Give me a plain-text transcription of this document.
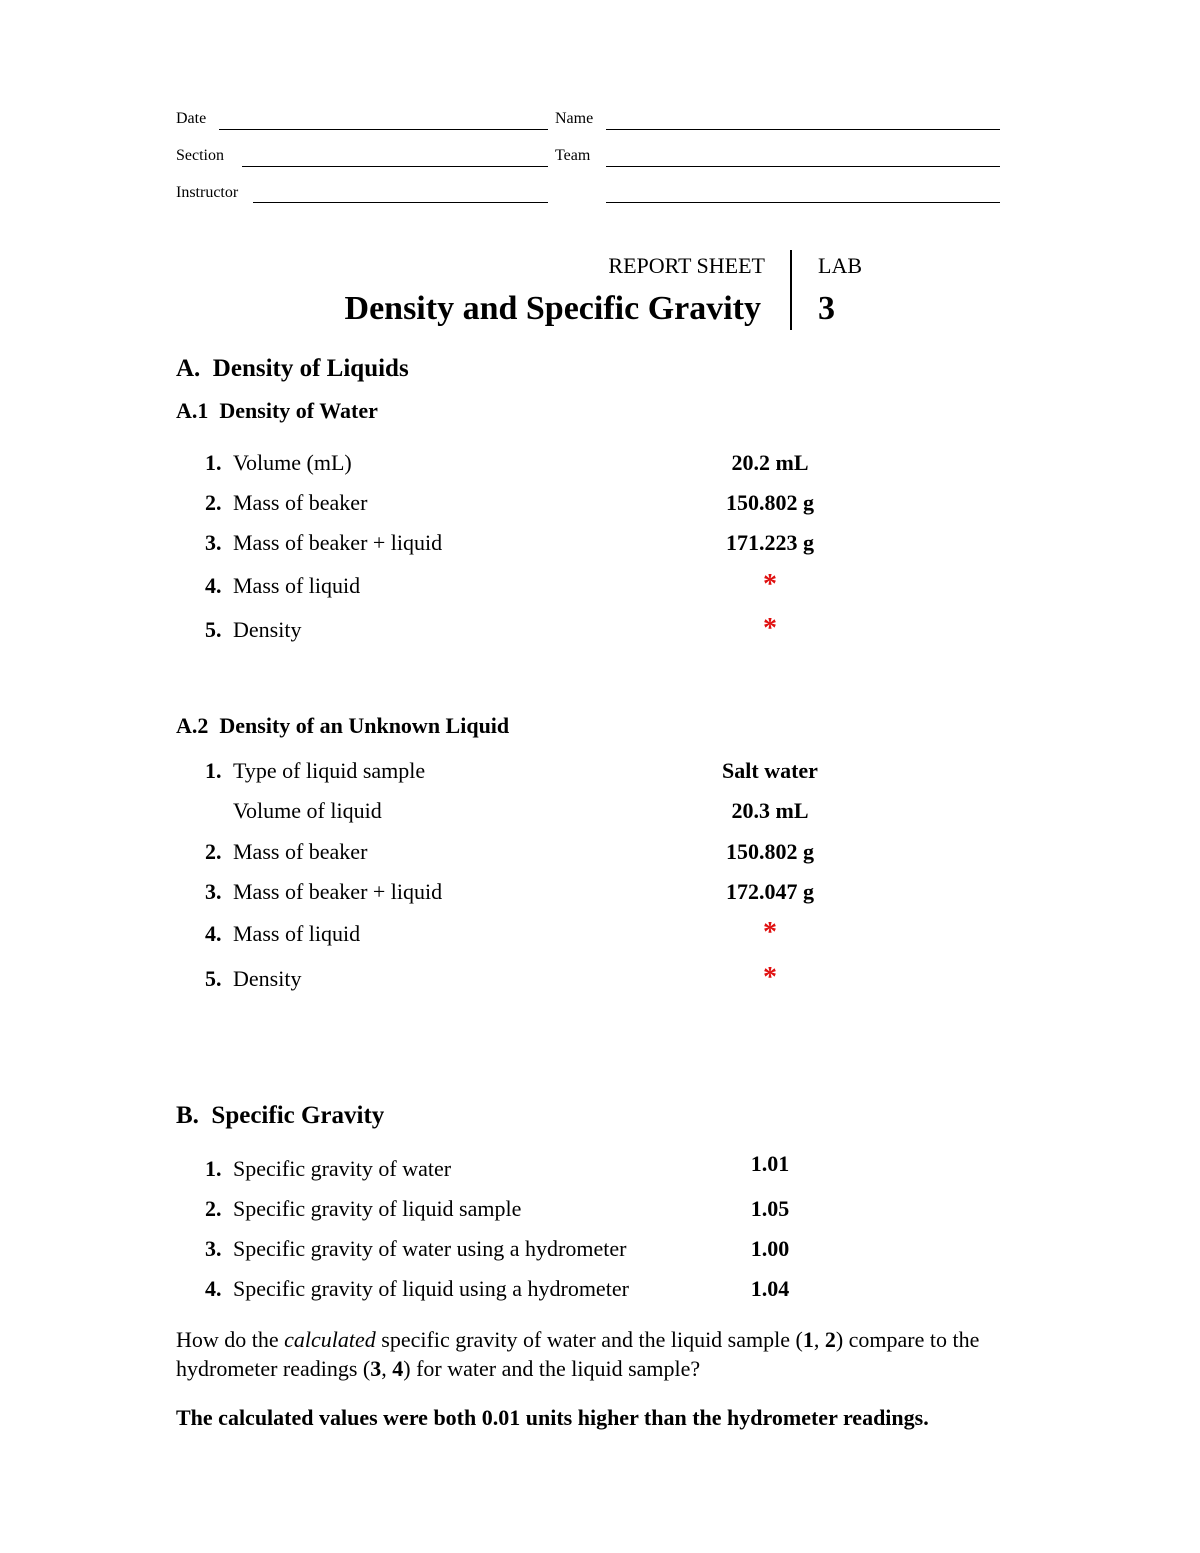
Date	Name
Section	Team
Instructor
REPORT SHEET LAB
Density and Specific Gravity 3
A.  Density of Liquids
A.1  Density of Water
1. Volume (mL)	20.2 mL
2. Mass of beaker	150.802 g
3. Mass of beaker + liquid	171.223 g
4. Mass of liquid	*
5. Density	*
A.2  Density of an Unknown Liquid
1. Type of liquid sample	Salt water
Volume of liquid	20.3 mL
2. Mass of beaker	150.802 g
3. Mass of beaker + liquid	172.047 g
4. Mass of liquid	*
5. Density	*
B.  Specific Gravity
1. Specific gravity of water	1.01
2. Specific gravity of liquid sample	1.05
3. Specific gravity of water using a hydrometer	1.00
4. Specific gravity of liquid using a hydrometer	1.04
How do the calculated specific gravity of water and the liquid sample (1, 2) compare to the hydrometer readings (3, 4) for water and the liquid sample?
The calculated values were both 0.01 units higher than the hydrometer readings.
